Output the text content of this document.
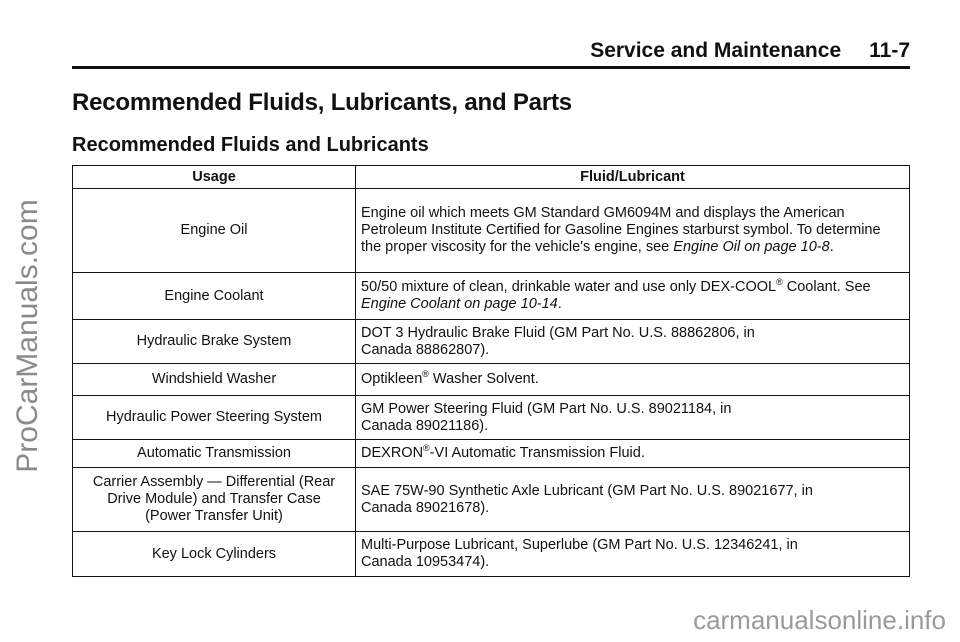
Service and Maintenance 11-7
Recommended Fluids, Lubricants, and Parts
Recommended Fluids and Lubricants
Usage	Fluid/Lubricant
Engine Oil	Engine oil which meets GM Standard GM6094M and displays the American Petroleum Institute Certified for Gasoline Engines starburst symbol. To determine the proper viscosity for the vehicle's engine, see Engine Oil on page 10-8.
Engine Coolant	50/50 mixture of clean, drinkable water and use only DEX-COOL® Coolant. See Engine Coolant on page 10-14.
Hydraulic Brake System	DOT 3 Hydraulic Brake Fluid (GM Part No. U.S. 88862806, in
Canada 88862807).
Windshield Washer	Optikleen® Washer Solvent.
Hydraulic Power Steering System	GM Power Steering Fluid (GM Part No. U.S. 89021184, in
Canada 89021186).
Automatic Transmission	DEXRON®-VI Automatic Transmission Fluid.
Carrier Assembly — Differential (Rear
Drive Module) and Transfer Case
(Power Transfer Unit)	SAE 75W-90 Synthetic Axle Lubricant (GM Part No. U.S. 89021677, in
Canada 89021678).
Key Lock Cylinders	Multi-Purpose Lubricant, Superlube (GM Part No. U.S. 12346241, in
Canada 10953474).
ProCarManuals.com
carmanualsonline.info
